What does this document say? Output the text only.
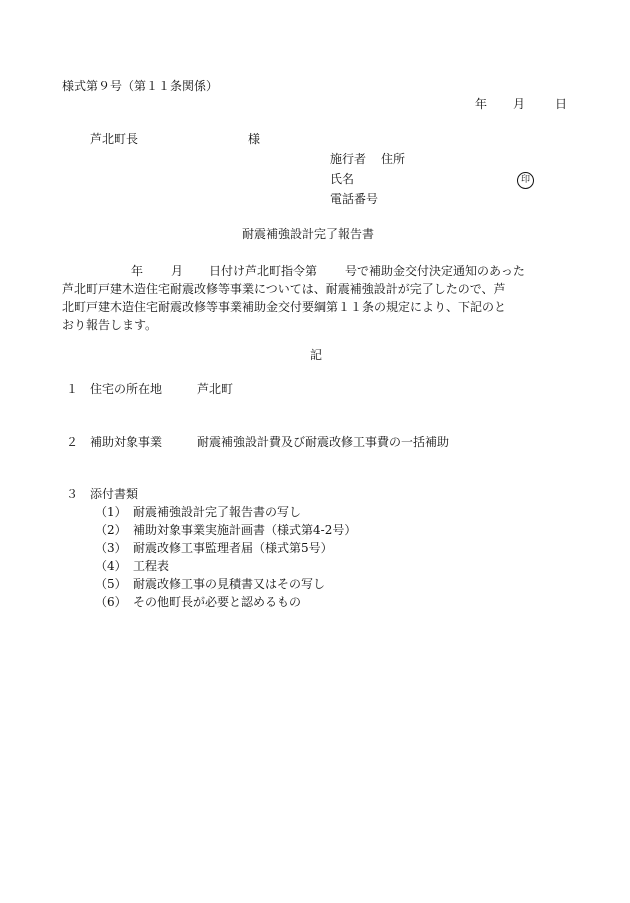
様式第９号（第１１条関係）
年 月 日
芦北町長	様
施行者 住所
氏名	印
電話番号
耐震補強設計完了報告書
年 月 日付け芦北町指令第 号で補助金交付決定通知のあった
芦北町戸建木造住宅耐震改修等事業については、耐震補強設計が完了したので、芦
北町戸建木造住宅耐震改修等事業補助金交付要綱第１１条の規定により、下記のと
おり報告します。
記
１ 住宅の所在地	芦北町
２ 補助対象事業	耐震補強設計費及び耐震改修工事費の一括補助
３ 添付書類
（1） 耐震補強設計完了報告書の写し
（2） 補助対象事業実施計画書（様式第4-2号）
（3） 耐震改修工事監理者届（様式第5号）
（4） 工程表
（5） 耐震改修工事の見積書又はその写し
（6） その他町長が必要と認めるもの
